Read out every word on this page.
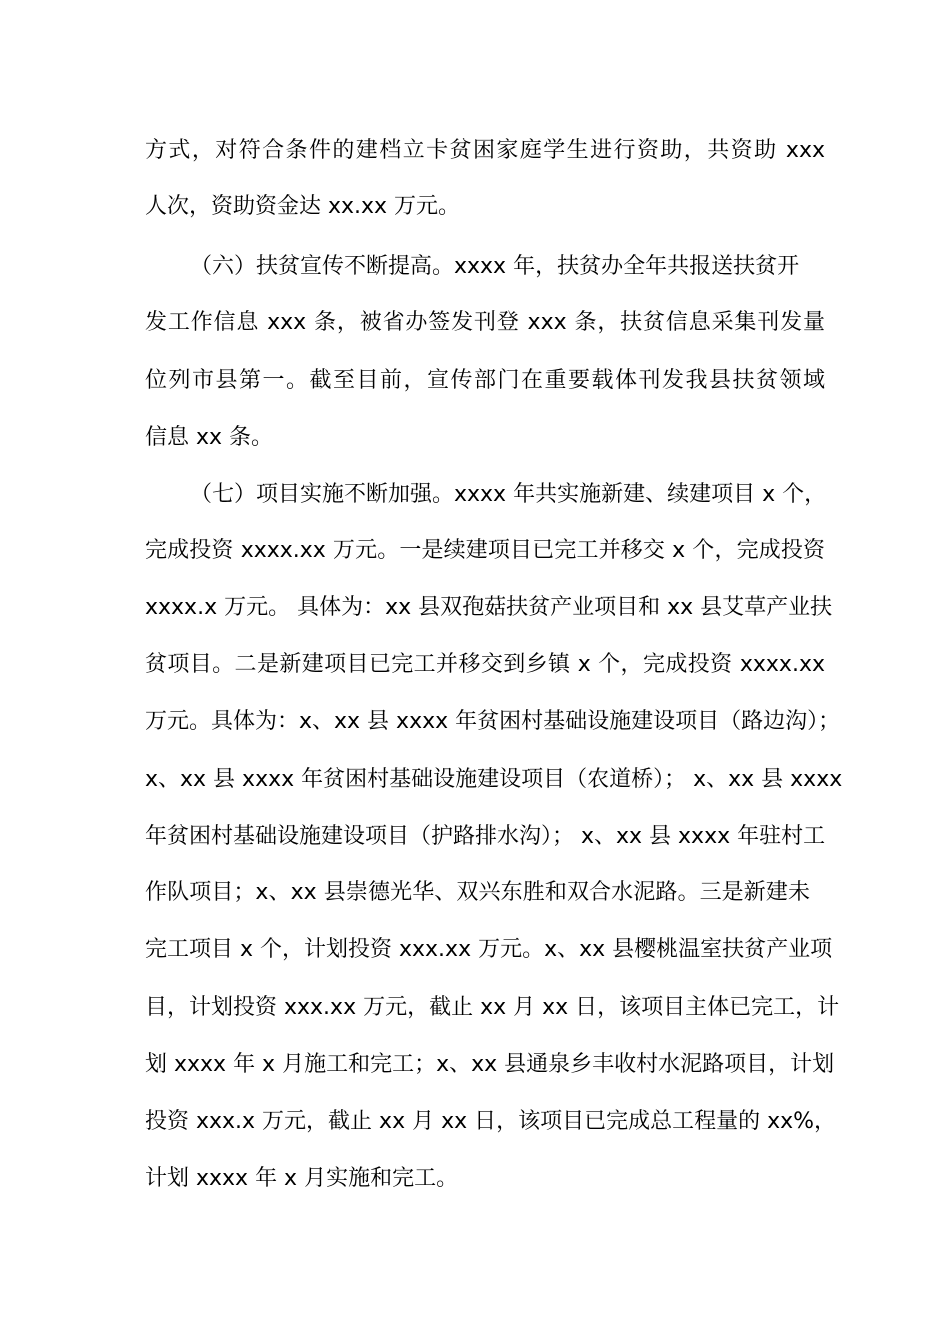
方式，对符合条件的建档立卡贫困家庭学生进行资助，共资助 xxx
人次，资助资金达 xx.xx 万元。
（六）扶贫宣传不断提高。xxxx 年，扶贫办全年共报送扶贫开
发工作信息 xxx 条，被省办签发刊登 xxx 条，扶贫信息采集刊发量
位列市县第一。截至目前，宣传部门在重要载体刊发我县扶贫领域
信息 xx 条。
（七）项目实施不断加强。xxxx 年共实施新建、续建项目 x 个，
完成投资 xxxx.xx 万元。一是续建项目已完工并移交 x 个，完成投资
xxxx.x 万元。 具体为：xx 县双孢菇扶贫产业项目和 xx 县艾草产业扶
贫项目。二是新建项目已完工并移交到乡镇 x 个，完成投资 xxxx.xx
万元。具体为：x、xx 县 xxxx 年贫困村基础设施建设项目（路边沟）；
x、xx 县 xxxx 年贫困村基础设施建设项目（农道桥）； x、xx 县 xxxx
年贫困村基础设施建设项目（护路排水沟）； x、xx 县 xxxx 年驻村工
作队项目；x、xx 县崇德光华、双兴东胜和双合水泥路。三是新建未
完工项目 x 个，计划投资 xxx.xx 万元。x、xx 县樱桃温室扶贫产业项
目，计划投资 xxx.xx 万元，截止 xx 月 xx 日，该项目主体已完工，计
划 xxxx 年 x 月施工和完工；x、xx 县通泉乡丰收村水泥路项目，计划
投资 xxx.x 万元，截止 xx 月 xx 日，该项目已完成总工程量的 xx%，
计划 xxxx 年 x 月实施和完工。
